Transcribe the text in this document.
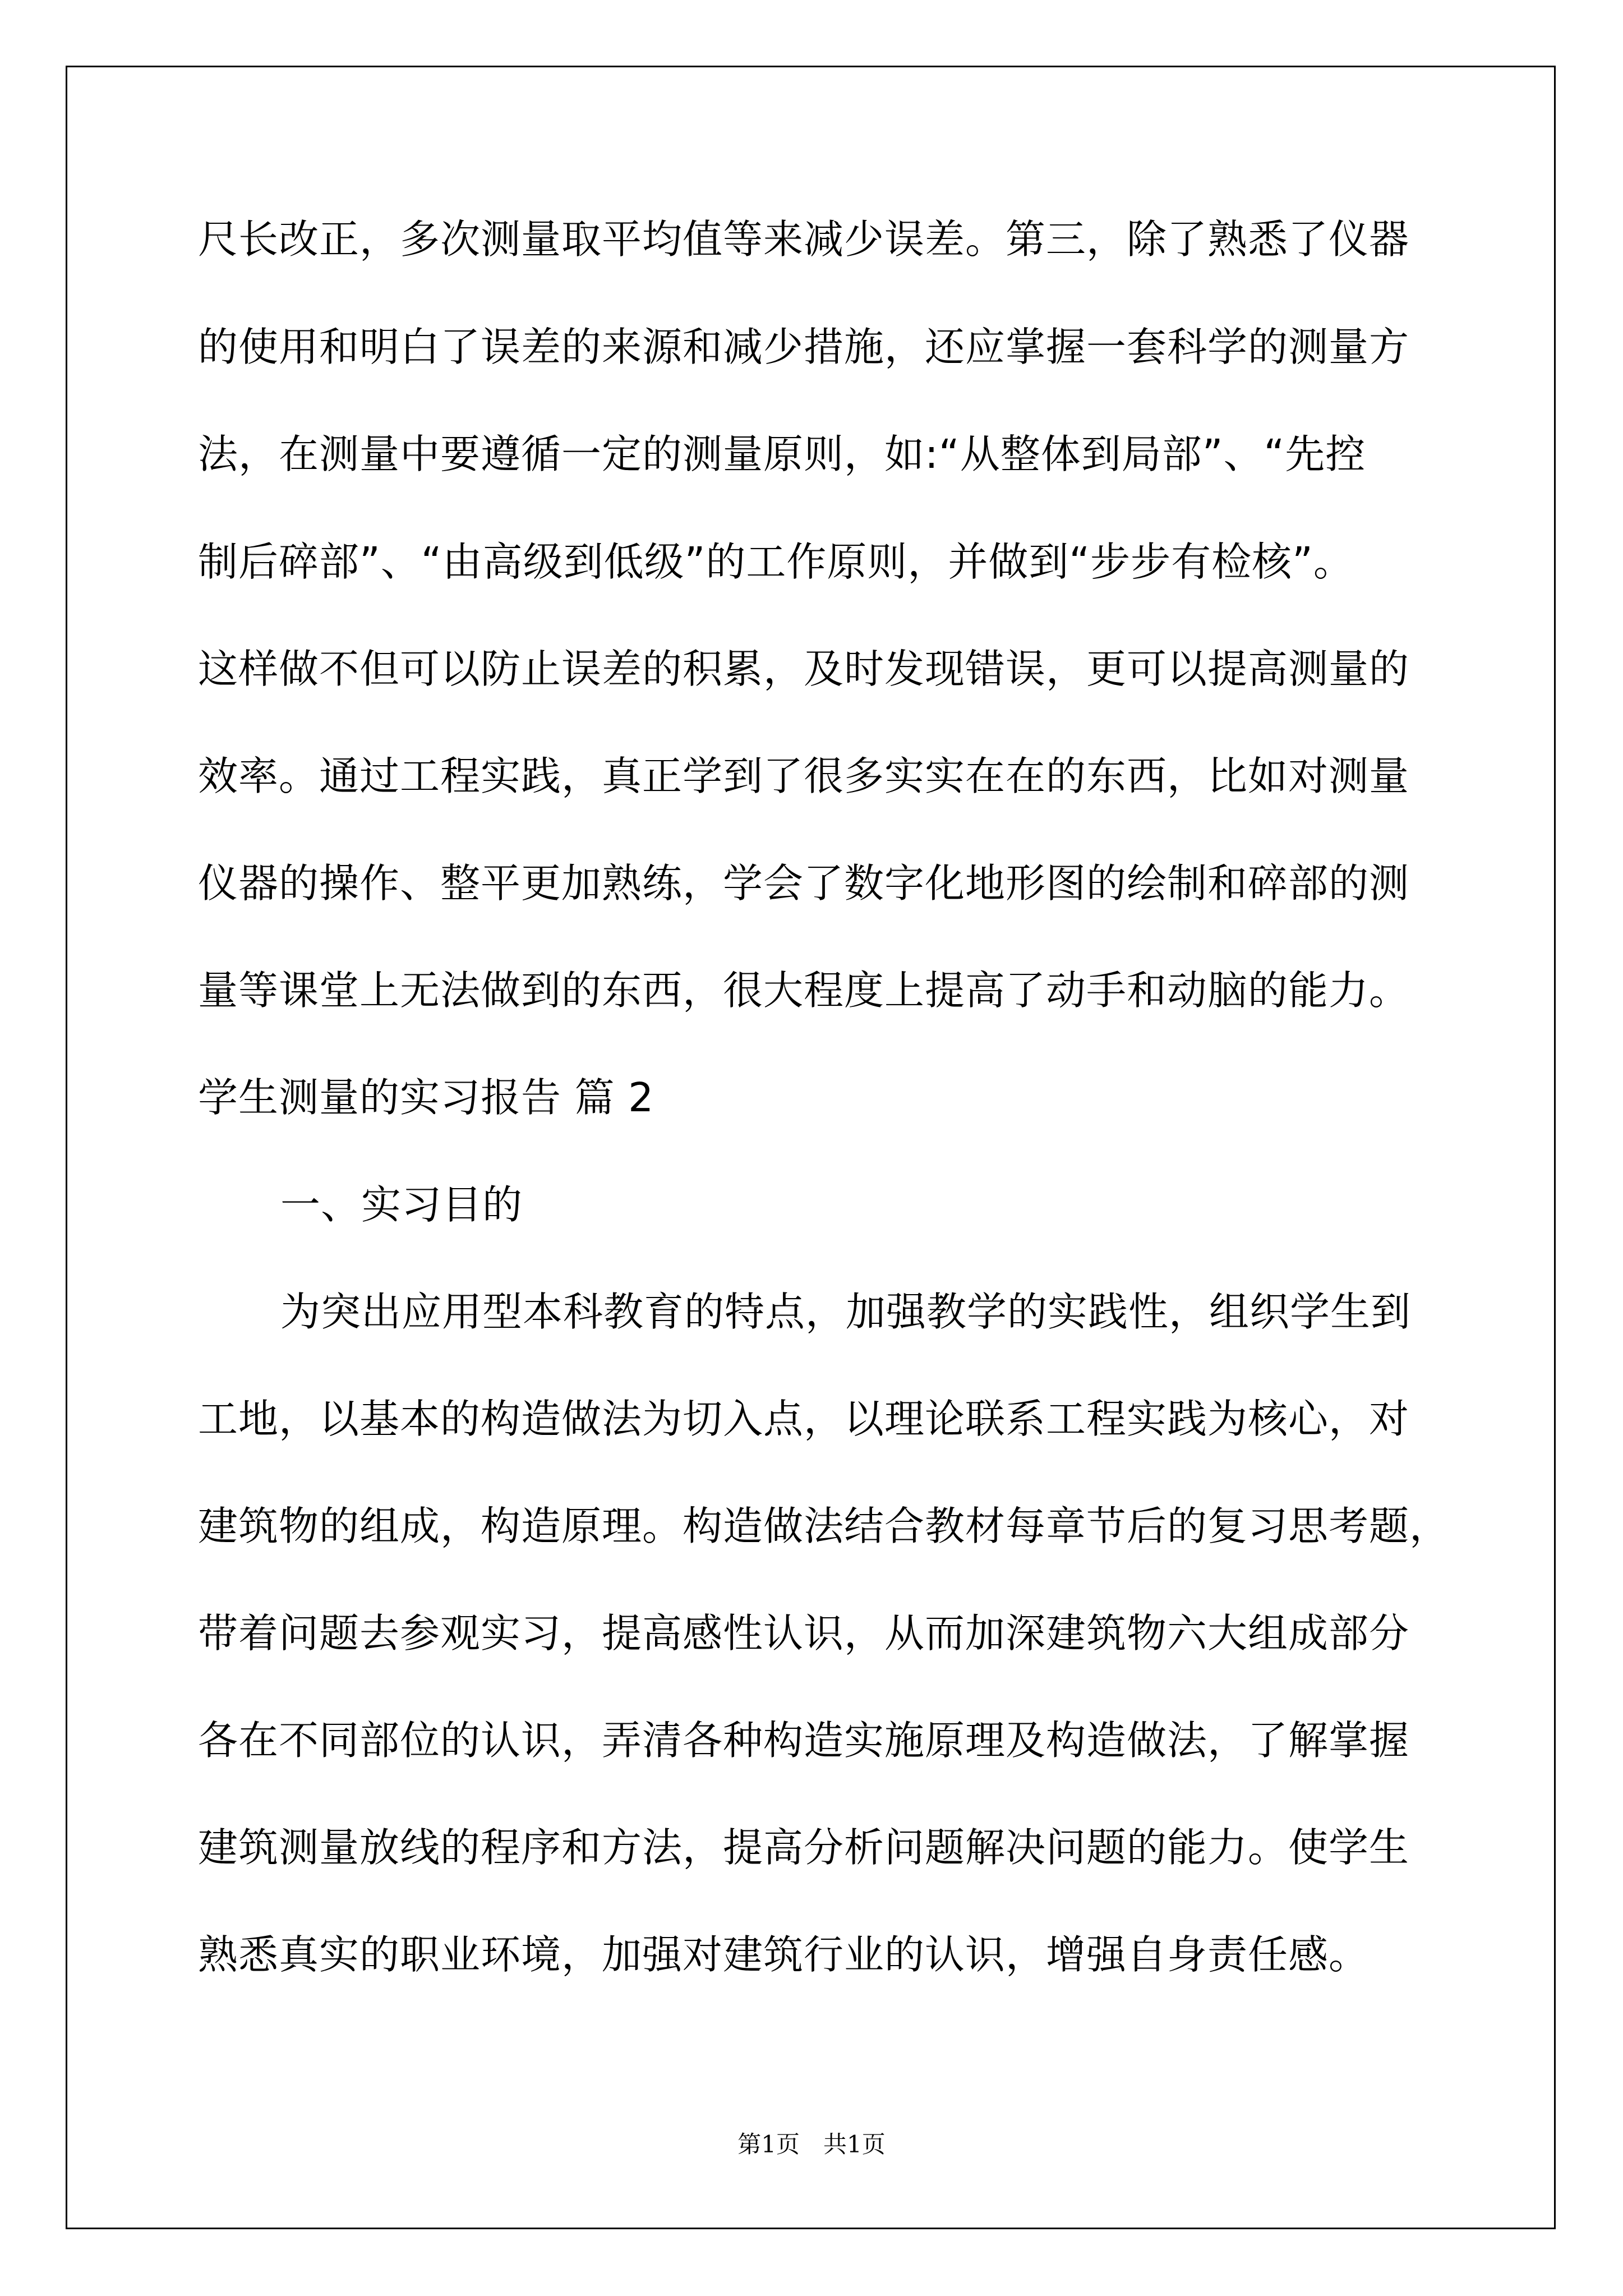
尺长改正，多次测量取平均值等来减少误差。第三，除了熟悉了仪器
的使用和明白了误差的来源和减少措施，还应掌握一套科学的测量方
法，在测量中要遵循一定的测量原则，如:“从整体到局部”、“先控
制后碎部”、“由高级到低级”的工作原则，并做到“步步有检核”。
这样做不但可以防止误差的积累，及时发现错误，更可以提高测量的
效率。通过工程实践，真正学到了很多实实在在的东西，比如对测量
仪器的操作、整平更加熟练，学会了数字化地形图的绘制和碎部的测
量等课堂上无法做到的东西，很大程度上提高了动手和动脑的能力。
学生测量的实习报告 篇 2
一、实习目的
为突出应用型本科教育的特点，加强教学的实践性，组织学生到
工地，以基本的构造做法为切入点，以理论联系工程实践为核心，对
建筑物的组成，构造原理。构造做法结合教材每章节后的复习思考题，
带着问题去参观实习，提高感性认识，从而加深建筑物六大组成部分
各在不同部位的认识，弄清各种构造实施原理及构造做法，了解掌握
建筑测量放线的程序和方法，提高分析问题解决问题的能力。使学生
熟悉真实的职业环境，加强对建筑行业的认识，增强自身责任感。
第1页　共1页
